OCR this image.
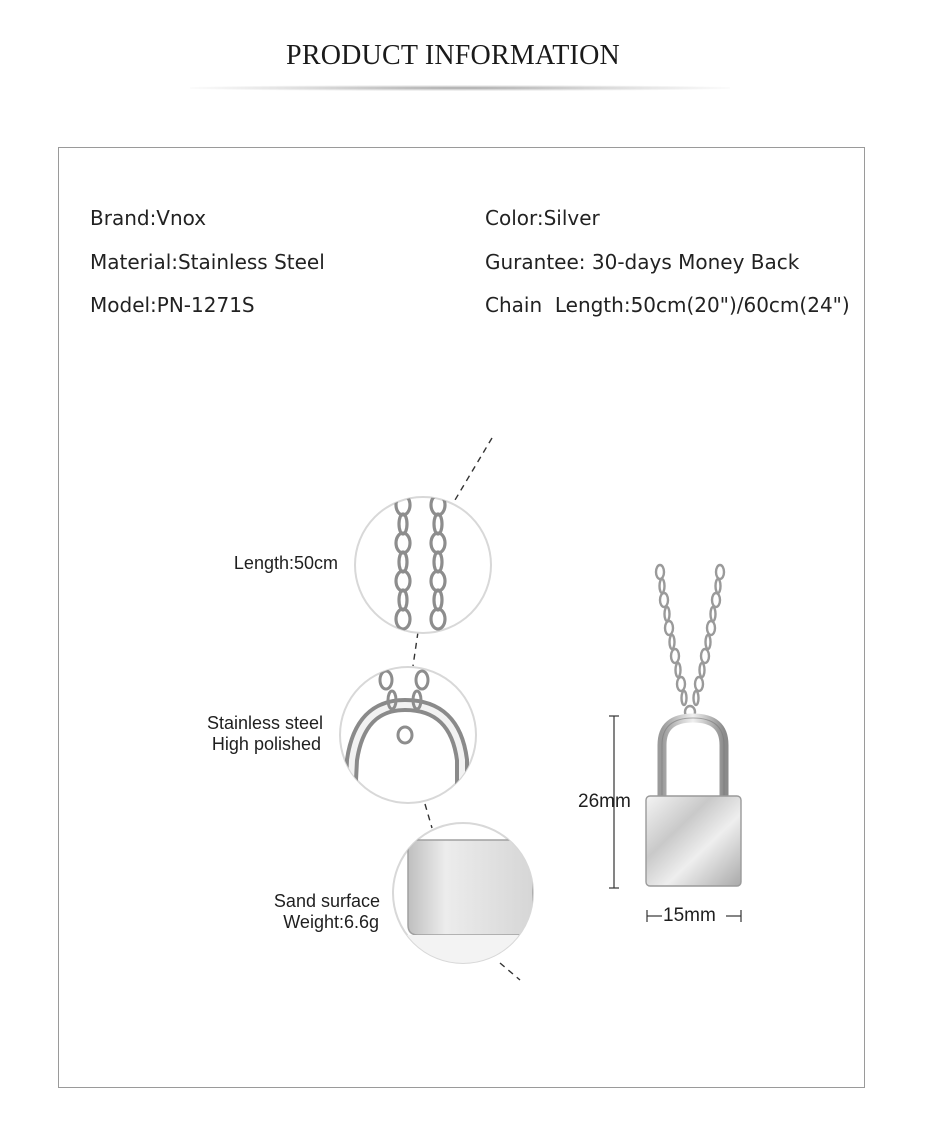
PRODUCT INFORMATION
Brand:Vnox
Material:Stainless Steel
Model:PN-1271S
Color:Silver
Gurantee: 30-days Money Back
Chain  Length:50cm(20")/60cm(24")
Length:50cm
Stainless steel
High polished
Sand surface
Weight:6.6g
26mm
15mm
